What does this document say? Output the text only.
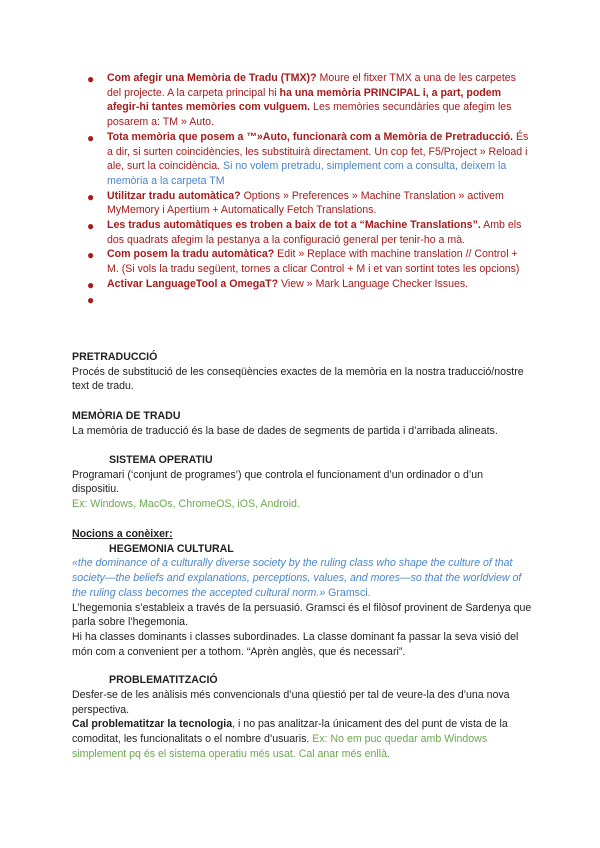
● Com afegir una Memòria de Tradu (TMX)? Moure el fitxer TMX a una de les carpetes del projecte. A la carpeta principal hi ha una memòria PRINCIPAL i, a part, podem afegir-hi tantes memòries com vulguem. Les memòries secundàries que afegim les posarem a: TM » Auto.
● Tota memòria que posem a ™»Auto, funcionarà com a Memòria de Pretraducció. És a dir, si surten coincidències, les substituirà directament. Un cop fet, F5/Project » Reload i ale, surt la coincidència. Si no volem pretradu, simplement com a consulta, deixem la memòria a la carpeta TM
● Utilitzar tradu automàtica? Options » Preferences » Machine Translation » activem MyMemory i Apertium + Automatically Fetch Translations.
● Les tradus automàtiques es troben a baix de tot a “Machine Translations”. Amb els dos quadrats afegim la pestanya a la configuració general per tenir-ho a mà.
● Com posem la tradu automàtica? Edit » Replace with machine translation // Control + M. (Si vols la tradu següent, tornes a clicar Control + M i et van sortint totes les opcions)
● Activar LanguageTool a OmegaT? View » Mark Language Checker Issues.
●

PRETRADUCCIÓ
Procés de substitució de les conseqüències exactes de la memòria en la nostra traducció/nostre text de tradu.
MEMÒRIA DE TRADU
La memòria de traducció és la base de dades de segments de partida i d’arribada alineats.
SISTEMA OPERATIU
Programari (‘conjunt de programes’) que controla el funcionament d’un ordinador o d’un dispositiu.
Ex: Windows, MacOs, ChromeOS, iOS, Android.
Nocions a conèixer:
HEGEMONIA CULTURAL
«the dominance of a culturally diverse society by the ruling class who shape the culture of that society—the beliefs and explanations, perceptions, values, and mores—so that the worldview of the ruling class becomes the accepted cultural norm.» Gramsci.
L’hegemonia s’estableix a través de la persuasió. Gramsci és el filòsof provinent de Sardenya que parla sobre l’hegemonia.
Hi ha classes dominants i classes subordinades. La classe dominant fa passar la seva visió del món com a convenient per a tothom. “Aprèn anglès, que és necessari”.
PROBLEMATITZACIÓ
Desfer-se de les anàlisis més convencionals d’una qüestió per tal de veure-la des d’una nova perspectiva.
Cal problematitzar la tecnologia, i no pas analitzar-la únicament des del punt de vista de la comoditat, les funcionalitats o el nombre d’usuaris. Ex: No em puc quedar amb Windows simplement pq és el sistema operatiu més usat. Cal anar més enllà.
